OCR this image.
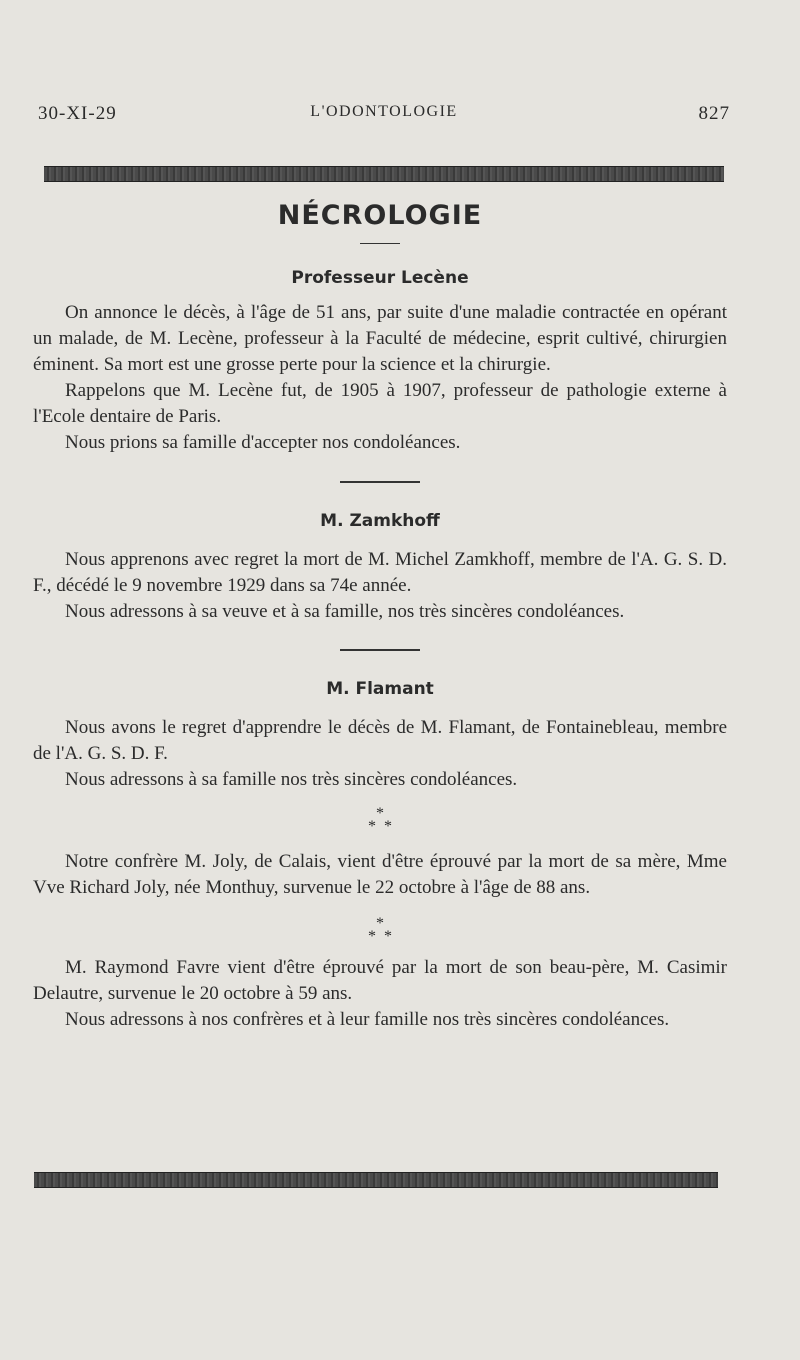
30-XI-29	L'ODONTOLOGIE	827
NÉCROLOGIE
Professeur Lecène

On annonce le décès, à l'âge de 51 ans, par suite d'une maladie contractée en opérant un malade, de M. Lecène, professeur à la Faculté de médecine, esprit cultivé, chirurgien éminent. Sa mort est une grosse perte pour la science et la chirurgie.

Rappelons que M. Lecène fut, de 1905 à 1907, professeur de pathologie externe à l'Ecole dentaire de Paris.

Nous prions sa famille d'accepter nos condoléances.

M. Zamkhoff

Nous apprenons avec regret la mort de M. Michel Zamkhoff, membre de l'A. G. S. D. F., décédé le 9 novembre 1929 dans sa 74e année.

Nous adressons à sa veuve et à sa famille, nos très sincères condoléances.

M. Flamant

Nous avons le regret d'apprendre le décès de M. Flamant, de Fontainebleau, membre de l'A. G. S. D. F.

Nous adressons à sa famille nos très sincères condoléances.

*
* *

Notre confrère M. Joly, de Calais, vient d'être éprouvé par la mort de sa mère, Mme Vve Richard Joly, née Monthuy, survenue le 22 octobre à l'âge de 88 ans.

*
* *

M. Raymond Favre vient d'être éprouvé par la mort de son beau-père, M. Casimir Delautre, survenue le 20 octobre à 59 ans.

Nous adressons à nos confrères et à leur famille nos très sincères condoléances.
